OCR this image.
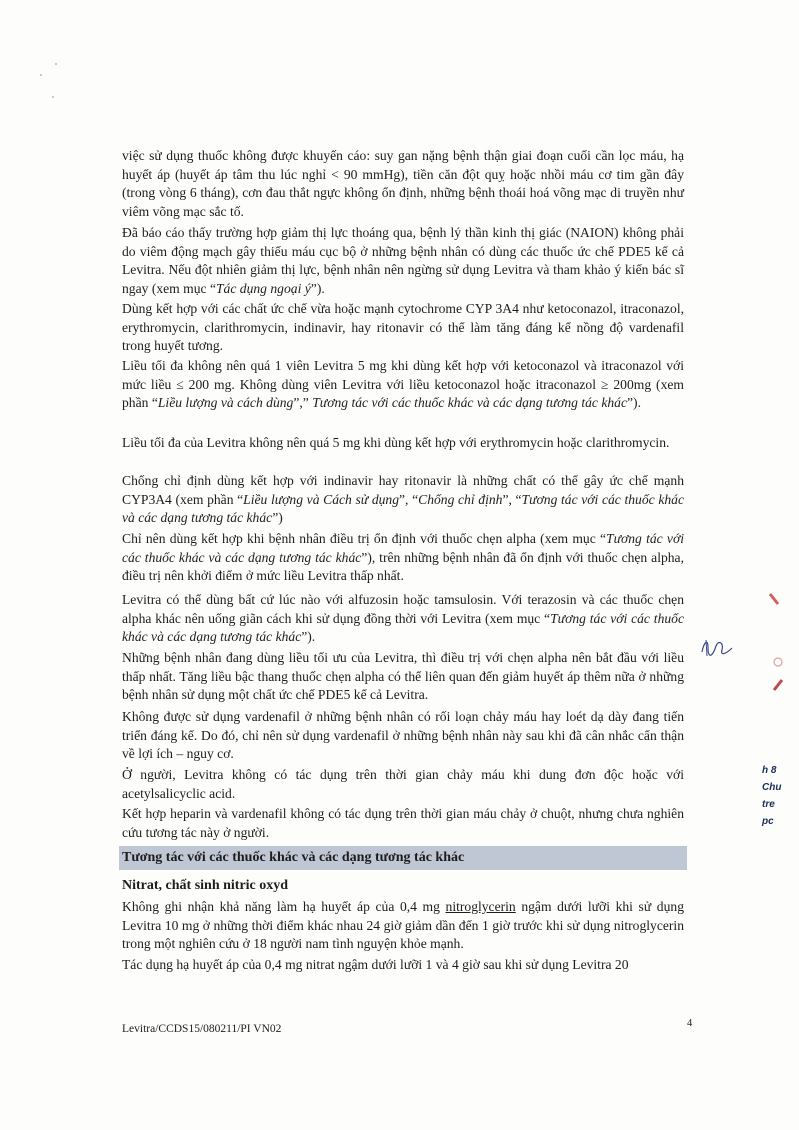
việc sử dụng thuốc không được khuyến cáo: suy gan nặng bệnh thận giai đoạn cuối cần lọc máu, hạ huyết áp (huyết áp tâm thu lúc nghỉ < 90 mmHg), tiền căn đột quỵ hoặc nhồi máu cơ tim gần đây (trong vòng 6 tháng), cơn đau thắt ngực không ổn định, những bệnh thoái hoá võng mạc di truyền như viêm võng mạc sắc tố.

Đã báo cáo thấy trường hợp giảm thị lực thoáng qua, bệnh lý thần kinh thị giác (NAION) không phải do viêm động mạch gây thiếu máu cục bộ ở những bệnh nhân có dùng các thuốc ức chế PDE5 kể cả Levitra. Nếu đột nhiên giảm thị lực, bệnh nhân nên ngừng sử dụng Levitra và tham khảo ý kiến bác sĩ ngay (xem mục “Tác dụng ngoại ý”).

Dùng kết hợp với các chất ức chế vừa hoặc mạnh cytochrome CYP 3A4 như ketoconazol, itraconazol, erythromycin, clarithromycin, indinavir, hay ritonavir có thể làm tăng đáng kể nồng độ vardenafil trong huyết tương.

Liều tối đa không nên quá 1 viên Levitra 5 mg khi dùng kết hợp với ketoconazol và itraconazol với mức liều ≤ 200 mg. Không dùng viên Levitra với liều ketoconazol hoặc itraconazol ≥ 200mg (xem phần “Liều lượng và cách dùng”,” Tương tác với các thuốc khác và các dạng tương tác khác”).

Liều tối đa của Levitra không nên quá 5 mg khi dùng kết hợp với erythromycin hoặc clarithromycin.

Chống chỉ định dùng kết hợp với indinavir hay ritonavir là những chất có thể gây ức chế mạnh CYP3A4 (xem phần “Liều lượng và Cách sử dụng”, “Chống chỉ định”, “Tương tác với các thuốc khác và các dạng tương tác khác”)

Chỉ nên dùng kết hợp khi bệnh nhân điều trị ổn định với thuốc chẹn alpha (xem mục “Tương tác với các thuốc khác và các dạng tương tác khác”), trên những bệnh nhân đã ổn định với thuốc chẹn alpha, điều trị nên khởi điểm ở mức liều Levitra thấp nhất.

Levitra có thể dùng bất cứ lúc nào với alfuzosin hoặc tamsulosin. Với terazosin và các thuốc chẹn alpha khác nên uống giãn cách khi sử dụng đồng thời với Levitra (xem mục “Tương tác với các thuốc khác và các dạng tương tác khác”).

Những bệnh nhân đang dùng liều tối ưu của Levitra, thì điều trị với chẹn alpha nên bắt đầu với liều thấp nhất. Tăng liều bậc thang thuốc chẹn alpha có thể liên quan đến giảm huyết áp thêm nữa ở những bệnh nhân sử dụng một chất ức chế PDE5 kể cả Levitra.

Không được sử dụng vardenafil ở những bệnh nhân có rối loạn chảy máu hay loét dạ dày đang tiến triển đáng kể. Do đó, chỉ nên sử dụng vardenafil ở những bệnh nhân này sau khi đã cân nhắc cẩn thận về lợi ích – nguy cơ.

Ở người, Levitra không có tác dụng trên thời gian chảy máu khi dung đơn độc hoặc với acetylsalicyclic acid.

Kết hợp heparin và vardenafil không có tác dụng trên thời gian máu chảy ở chuột, nhưng chưa nghiên cứu tương tác này ở người.

Tương tác với các thuốc khác và các dạng tương tác khác
Nitrat, chất sinh nitric oxyd

Không ghi nhận khả năng làm hạ huyết áp của 0,4 mg nitroglycerin ngậm dưới lưỡi khi sử dụng Levitra 10 mg ở những thời điểm khác nhau 24 giờ giảm dần đến 1 giờ trước khi sử dụng nitroglycerin trong một nghiên cứu ở 18 người nam tình nguyện khỏe mạnh.

Tác dụng hạ huyết áp của 0,4 mg nitrat ngậm dưới lưỡi 1 và 4 giờ sau khi sử dụng Levitra 20

Levitra/CCDS15/080211/PI VN02	4
h 8
Chu
tre
pc
